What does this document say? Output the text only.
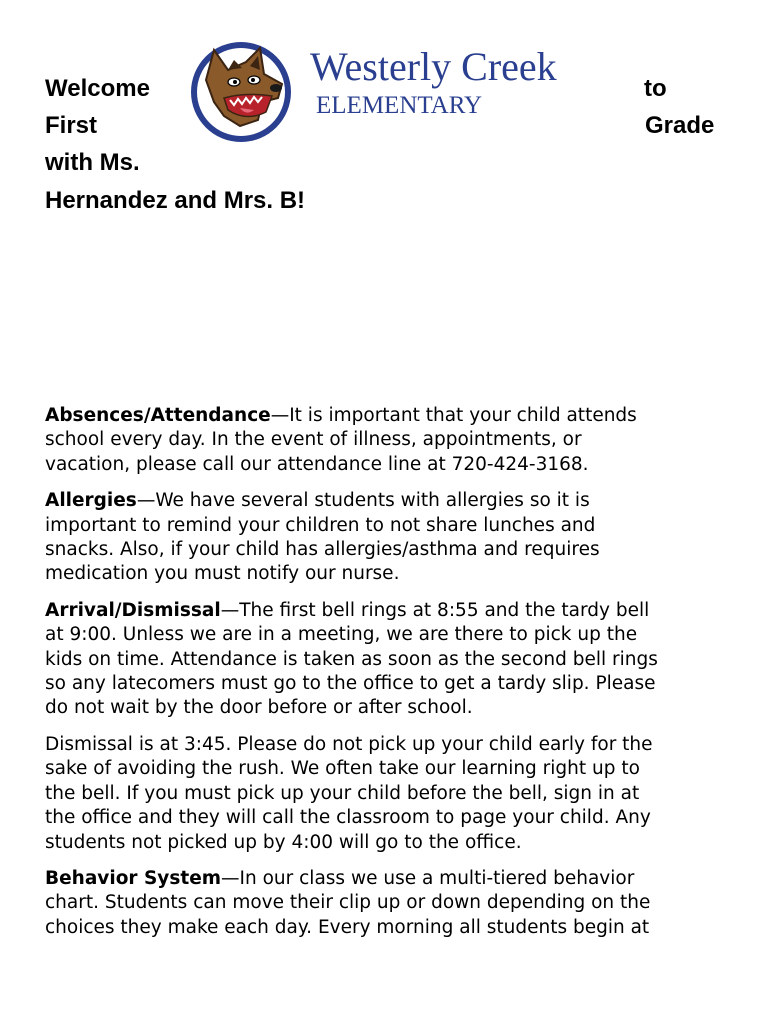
Welcome	to
First	Grade
with Ms.
Hernandez and Mrs. B!
Westerly Creek
ELEMENTARY

Absences/Attendance—It is important that your child attends
school every day. In the event of illness, appointments, or
vacation, please call our attendance line at 720-424-3168.

Allergies—We have several students with allergies so it is
important to remind your children to not share lunches and
snacks. Also, if your child has allergies/asthma and requires
medication you must notify our nurse.

Arrival/Dismissal—The first bell rings at 8:55 and the tardy bell
at 9:00. Unless we are in a meeting, we are there to pick up the
kids on time. Attendance is taken as soon as the second bell rings
so any latecomers must go to the office to get a tardy slip. Please
do not wait by the door before or after school.

Dismissal is at 3:45. Please do not pick up your child early for the
sake of avoiding the rush. We often take our learning right up to
the bell. If you must pick up your child before the bell, sign in at
the office and they will call the classroom to page your child. Any
students not picked up by 4:00 will go to the office.

Behavior System—In our class we use a multi-tiered behavior
chart. Students can move their clip up or down depending on the
choices they make each day. Every morning all students begin at
